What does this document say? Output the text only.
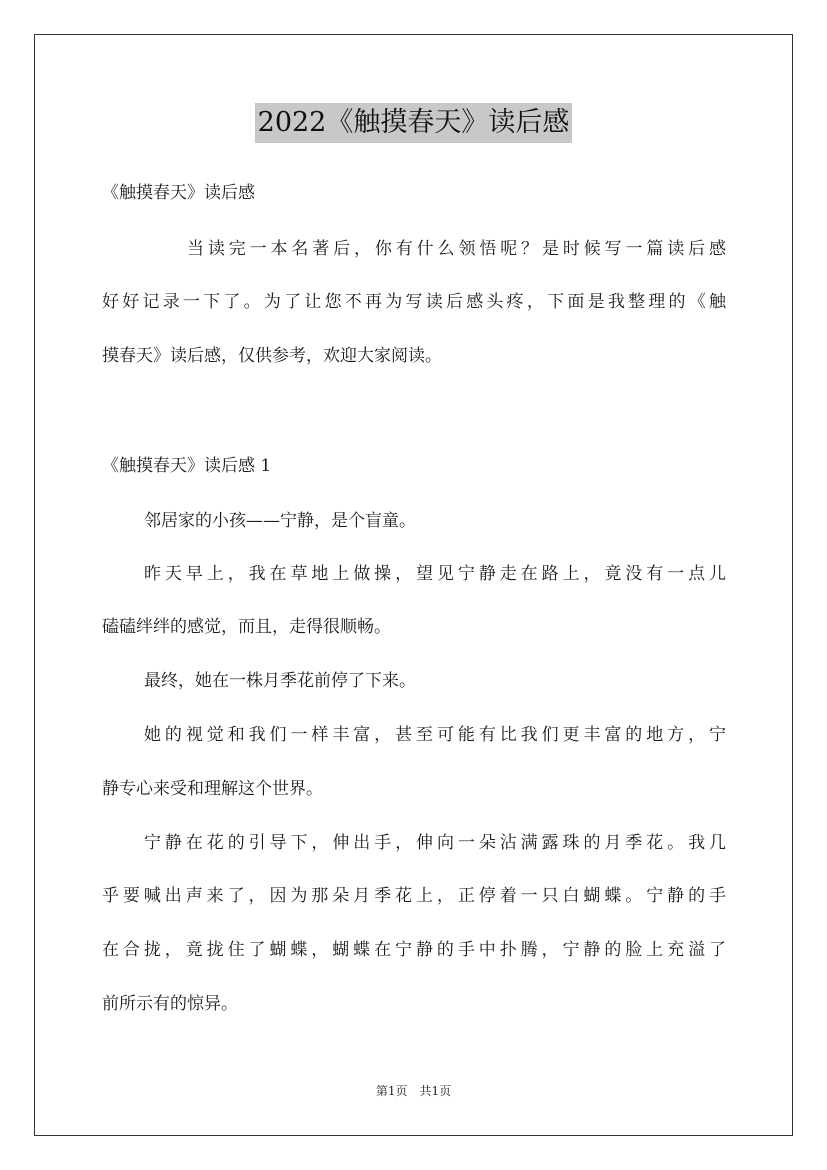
2022《触摸春天》读后感
《触摸春天》读后感
当读完一本名著后，你有什么领悟呢？是时候写一篇读后感
好好记录一下了。为了让您不再为写读后感头疼，下面是我整理的《触
摸春天》读后感，仅供参考，欢迎大家阅读。
《触摸春天》读后感 1
邻居家的小孩——宁静，是个盲童。
昨天早上，我在草地上做操，望见宁静走在路上，竟没有一点儿
磕磕绊绊的感觉，而且，走得很顺畅。
最终，她在一株月季花前停了下来。
她的视觉和我们一样丰富，甚至可能有比我们更丰富的地方，宁
静专心来受和理解这个世界。
宁静在花的引导下，伸出手，伸向一朵沾满露珠的月季花。我几
乎要喊出声来了，因为那朵月季花上，正停着一只白蝴蝶。宁静的手
在合拢，竟拢住了蝴蝶，蝴蝶在宁静的手中扑腾，宁静的脸上充溢了
前所示有的惊异。
第1页　共1页
